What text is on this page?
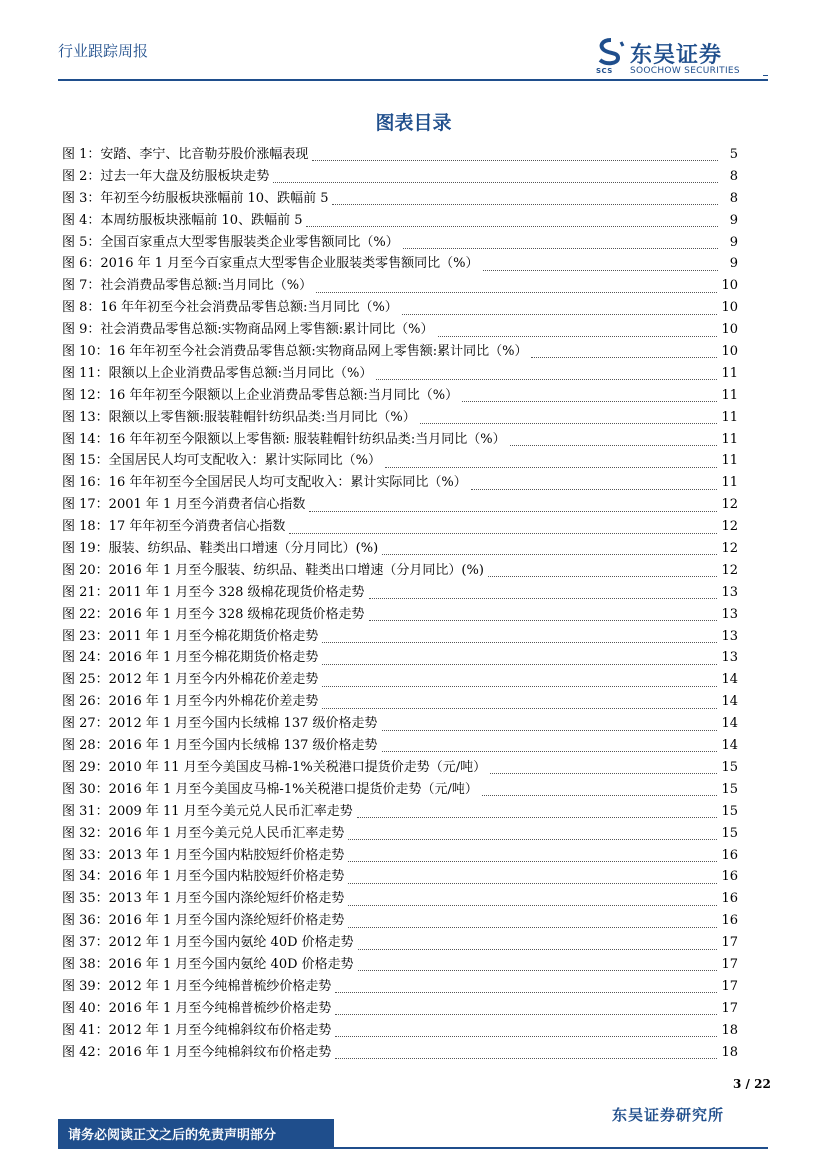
行业跟踪周报
SCS
东吴证券
SOOCHOW SECURITIES
图表目录
图 1：安踏、李宁、比音勒芬股价涨幅表现	5
图 2：过去一年大盘及纺服板块走势	8
图 3：年初至今纺服板块涨幅前 10、跌幅前 5	8
图 4：本周纺服板块涨幅前 10、跌幅前 5	9
图 5：全国百家重点大型零售服装类企业零售额同比（%）	9
图 6：2016 年 1 月至今百家重点大型零售企业服装类零售额同比（%）	9
图 7：社会消费品零售总额:当月同比（%）	10
图 8：16 年年初至今社会消费品零售总额:当月同比（%）	10
图 9：社会消费品零售总额:实物商品网上零售额:累计同比（%）	10
图 10：16 年年初至今社会消费品零售总额:实物商品网上零售额:累计同比（%）	10
图 11：限额以上企业消费品零售总额:当月同比（%）	11
图 12：16 年年初至今限额以上企业消费品零售总额:当月同比（%）	11
图 13：限额以上零售额:服装鞋帽针纺织品类:当月同比（%）	11
图 14：16 年年初至今限额以上零售额: 服装鞋帽针纺织品类:当月同比（%）	11
图 15：全国居民人均可支配收入：累计实际同比（%）	11
图 16：16 年年初至今全国居民人均可支配收入：累计实际同比（%）	11
图 17：2001 年 1 月至今消费者信心指数	12
图 18：17 年年初至今消费者信心指数	12
图 19：服装、纺织品、鞋类出口增速（分月同比）(%)	12
图 20：2016 年 1 月至今服装、纺织品、鞋类出口增速（分月同比）(%)	12
图 21：2011 年 1 月至今 328 级棉花现货价格走势	13
图 22：2016 年 1 月至今 328 级棉花现货价格走势	13
图 23：2011 年 1 月至今棉花期货价格走势	13
图 24：2016 年 1 月至今棉花期货价格走势	13
图 25：2012 年 1 月至今内外棉花价差走势	14
图 26：2016 年 1 月至今内外棉花价差走势	14
图 27：2012 年 1 月至今国内长绒棉 137 级价格走势	14
图 28：2016 年 1 月至今国内长绒棉 137 级价格走势	14
图 29：2010 年 11 月至今美国皮马棉-1%关税港口提货价走势（元/吨）	15
图 30：2016 年 1 月至今美国皮马棉-1%关税港口提货价走势（元/吨）	15
图 31：2009 年 11 月至今美元兑人民币汇率走势	15
图 32：2016 年 1 月至今美元兑人民币汇率走势	15
图 33：2013 年 1 月至今国内粘胶短纤价格走势	16
图 34：2016 年 1 月至今国内粘胶短纤价格走势	16
图 35：2013 年 1 月至今国内涤纶短纤价格走势	16
图 36：2016 年 1 月至今国内涤纶短纤价格走势	16
图 37：2012 年 1 月至今国内氨纶 40D 价格走势	17
图 38：2016 年 1 月至今国内氨纶 40D 价格走势	17
图 39：2012 年 1 月至今纯棉普梳纱价格走势	17
图 40：2016 年 1 月至今纯棉普梳纱价格走势	17
图 41：2012 年 1 月至今纯棉斜纹布价格走势	18
图 42：2016 年 1 月至今纯棉斜纹布价格走势	18
3 / 22
东吴证券研究所
请务必阅读正文之后的免责声明部分
